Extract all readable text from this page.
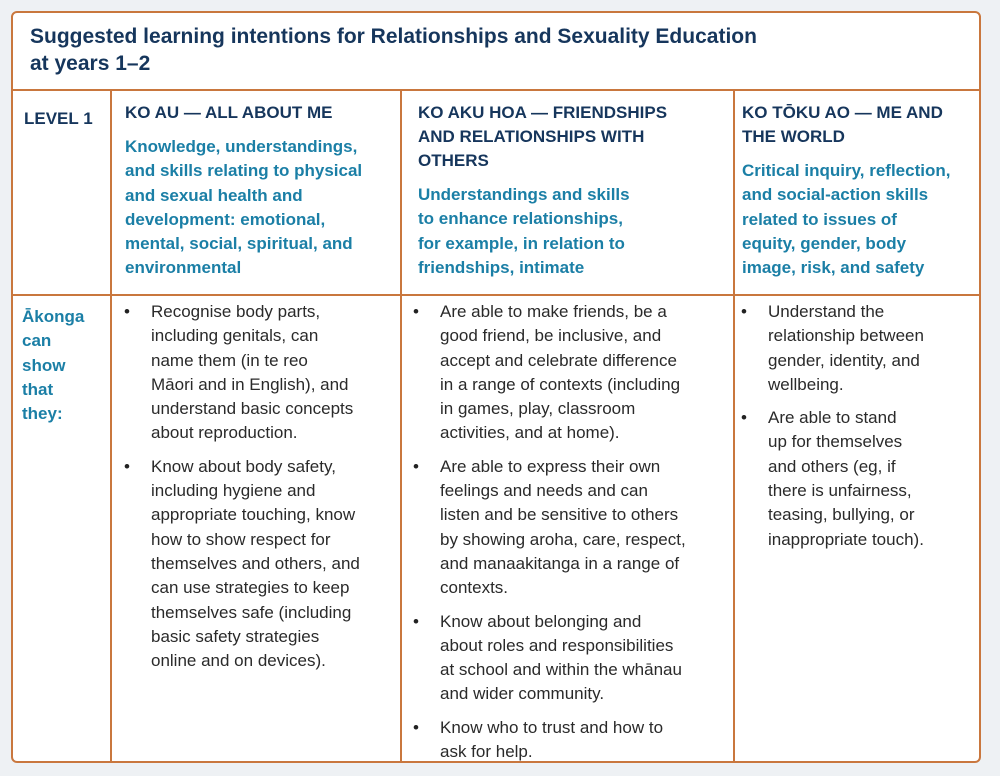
Suggested learning intentions for Relationships and Sexuality Education
at years 1–2
LEVEL 1 KO AU — ALL ABOUT ME
Knowledge, understandings,
and skills relating to physical
and sexual health and
development: emotional,
mental, social, spiritual, and
environmental
KO AKU HOA — FRIENDSHIPS
AND RELATIONSHIPS WITH
OTHERS
Understandings and skills
to enhance relationships,
for example, in relation to
friendships, intimate
KO TŌKU AO — ME AND
THE WORLD
Critical inquiry, reflection,
and social-action skills
related to issues of
equity, gender, body
image, risk, and safety
Ākonga
can
show
that
they:
• Recognise body parts,
including genitals, can
name them (in te reo
Māori and in English), and
understand basic concepts
about reproduction.
• Know about body safety,
including hygiene and
appropriate touching, know
how to show respect for
themselves and others, and
can use strategies to keep
themselves safe (including
basic safety strategies
online and on devices).
• Are able to make friends, be a
good friend, be inclusive, and
accept and celebrate difference
in a range of contexts (including
in games, play, classroom
activities, and at home).
• Are able to express their own
feelings and needs and can
listen and be sensitive to others
by showing aroha, care, respect,
and manaakitanga in a range of
contexts.
• Know about belonging and
about roles and responsibilities
at school and within the whānau
and wider community.
• Know who to trust and how to
ask for help.
• Understand the
relationship between
gender, identity, and
wellbeing.
• Are able to stand
up for themselves
and others (eg, if
there is unfairness,
teasing, bullying, or
inappropriate touch).
